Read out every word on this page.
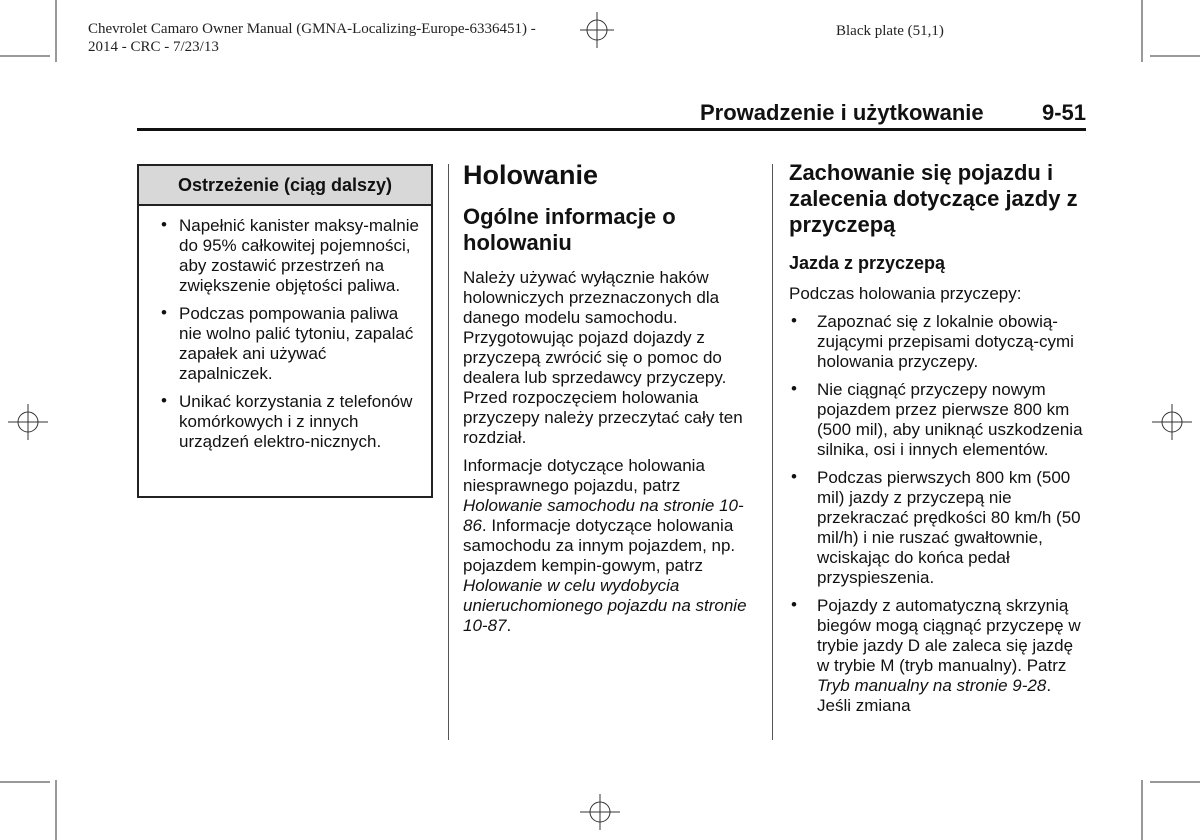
Chevrolet Camaro Owner Manual (GMNA-Localizing-Europe-6336451) -
2014 - CRC - 7/23/13
Black plate (51,1)
Prowadzenie i użytkowanie	9-51
Ostrzeżenie (ciąg dalszy)
• Napełnić kanister maksy-malnie do 95% całkowitej pojemności, aby zostawić przestrzeń na zwiększenie objętości paliwa.
• Podczas pompowania paliwa nie wolno palić tytoniu, zapalać zapałek ani używać zapalniczek.
• Unikać korzystania z telefonów komórkowych i z innych urządzeń elektro-nicznych.
Holowanie
Ogólne informacje o holowaniu

Należy używać wyłącznie haków holowniczych przeznaczonych dla danego modelu samochodu. Przygotowując pojazd dojazdy z przyczepą zwrócić się o pomoc do dealera lub sprzedawcy przyczepy. Przed rozpoczęciem holowania przyczepy należy przeczytać cały ten rozdział.

Informacje dotyczące holowania niesprawnego pojazdu, patrz Holowanie samochodu na stronie 10-86. Informacje dotyczące holowania samochodu za innym pojazdem, np. pojazdem kempin-gowym, patrz Holowanie w celu wydobycia unieruchomionego pojazdu na stronie 10-87.

Zachowanie się pojazdu i zalecenia dotyczące jazdy z przyczepą
Jazda z przyczepą

Podczas holowania przyczepy:

• Zapoznać się z lokalnie obowią-zującymi przepisami dotyczą-cymi holowania przyczepy.
• Nie ciągnąć przyczepy nowym pojazdem przez pierwsze 800 km (500 mil), aby uniknąć uszkodzenia silnika, osi i innych elementów.
• Podczas pierwszych 800 km (500 mil) jazdy z przyczepą nie przekraczać prędkości 80 km/h (50 mil/h) i nie ruszać gwałtownie, wciskając do końca pedał przyspieszenia.
• Pojazdy z automatyczną skrzynią biegów mogą ciągnąć przyczepę w trybie jazdy D ale zaleca się jazdę w trybie M (tryb manualny). Patrz Tryb manualny na stronie 9-28. Jeśli zmiana
